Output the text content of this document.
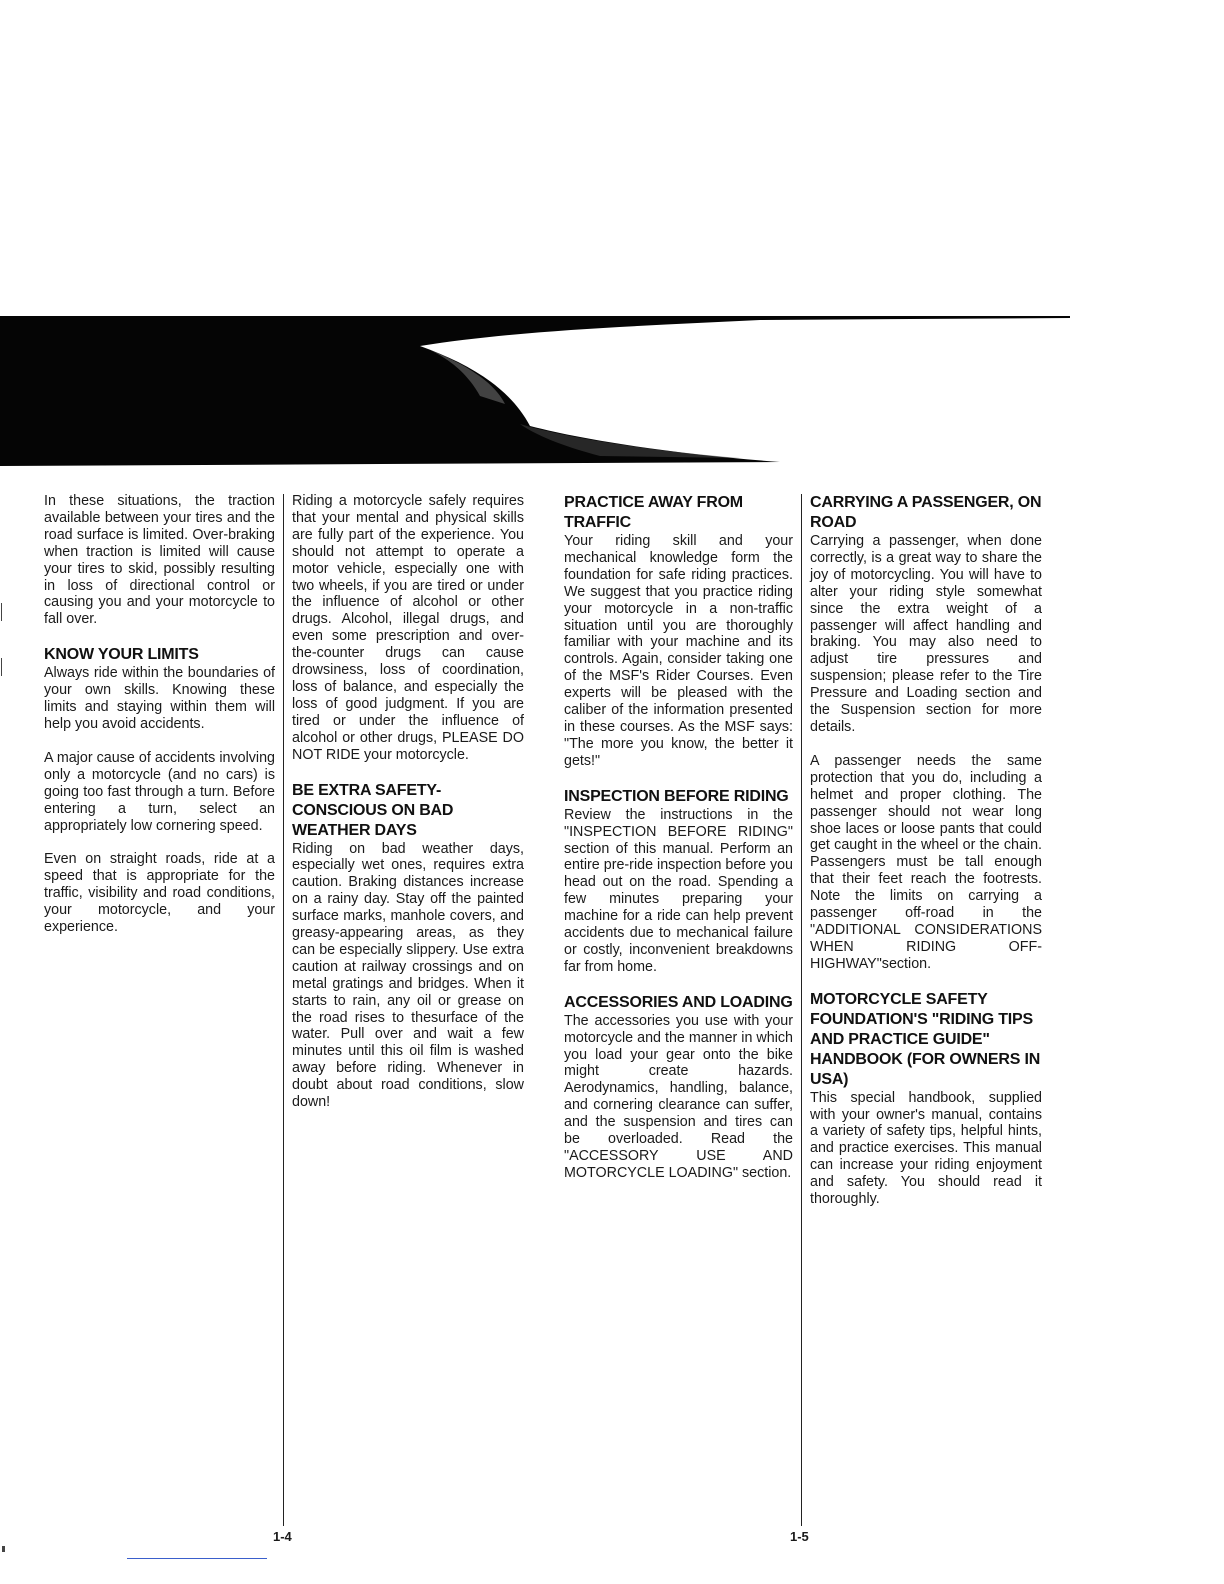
In these situations, the traction available between your tires and the road surface is limited. Over-braking when traction is limited will cause your tires to skid, possibly resulting in loss of directional control or causing you and your motorcycle to fall over.

KNOW YOUR LIMITS

Always ride within the boundaries of your own skills. Knowing these limits and staying within them will help you avoid accidents.

A major cause of accidents involving only a motorcycle (and no cars) is going too fast through a turn. Before entering a turn, select an appropriately low cornering speed.

Even on straight roads, ride at a speed that is appropriate for the traffic, visibility and road conditions, your motorcycle, and your experience.

Riding a motorcycle safely requires that your mental and physical skills are fully part of the experience. You should not attempt to operate a motor vehicle, especially one with two wheels, if you are tired or under the influence of alcohol or other drugs. Alcohol, illegal drugs, and even some prescription and over-the-counter drugs can cause drowsiness, loss of coordination, loss of balance, and especially the loss of good judgment. If you are tired or under the influence of alcohol or other drugs, PLEASE DO NOT RIDE your motorcycle.

BE EXTRA SAFETY-CONSCIOUS ON BAD WEATHER DAYS

Riding on bad weather days, especially wet ones, requires extra caution. Braking distances increase on a rainy day. Stay off the painted surface marks, manhole covers, and greasy-appearing areas, as they can be especially slippery. Use extra caution at railway crossings and on metal gratings and bridges. When it starts to rain, any oil or grease on the road rises to thesurface of the water. Pull over and wait a few minutes until this oil film is washed away before riding. Whenever in doubt about road conditions, slow down!

PRACTICE AWAY FROM TRAFFIC

Your riding skill and your mechanical knowledge form the foundation for safe riding practices. We suggest that you practice riding your motorcycle in a non-traffic situation until you are thoroughly familiar with your machine and its controls. Again, consider taking one of the MSF's Rider Courses. Even experts will be pleased with the caliber of the information presented in these courses. As the MSF says: "The more you know, the better it gets!"

INSPECTION BEFORE RIDING

Review the instructions in the "INSPECTION BEFORE RIDING" section of this manual. Perform an entire pre-ride inspection before you head out on the road. Spending a few minutes preparing your machine for a ride can help prevent accidents due to mechanical failure or costly, inconvenient breakdowns far from home.

ACCESSORIES AND LOADING

The accessories you use with your motorcycle and the manner in which you load your gear onto the bike might create hazards. Aerodynamics, handling, balance, and cornering clearance can suffer, and the suspension and tires can be overloaded. Read the "ACCESSORY USE AND MOTORCYCLE LOADING" section.

CARRYING A PASSENGER, ON ROAD

Carrying a passenger, when done correctly, is a great way to share the joy of motorcycling. You will have to alter your riding style somewhat since the extra weight of a passenger will affect handling and braking. You may also need to adjust tire pressures and suspension; please refer to the Tire Pressure and Loading section and the Suspension section for more details.

A passenger needs the same protection that you do, including a helmet and proper clothing. The passenger should not wear long shoe laces or loose pants that could get caught in the wheel or the chain. Passengers must be tall enough that their feet reach the footrests. Note the limits on carrying a passenger off-road in the "ADDITIONAL CONSIDERATIONS WHEN RIDING OFF-HIGHWAY"section.

MOTORCYCLE SAFETY FOUNDATION'S "RIDING TIPS AND PRACTICE GUIDE" HANDBOOK (FOR OWNERS IN USA)

This special handbook, supplied with your owner's manual, contains a variety of safety tips, helpful hints, and practice exercises. This manual can increase your riding enjoyment and safety. You should read it thoroughly.

1-4	1-5
